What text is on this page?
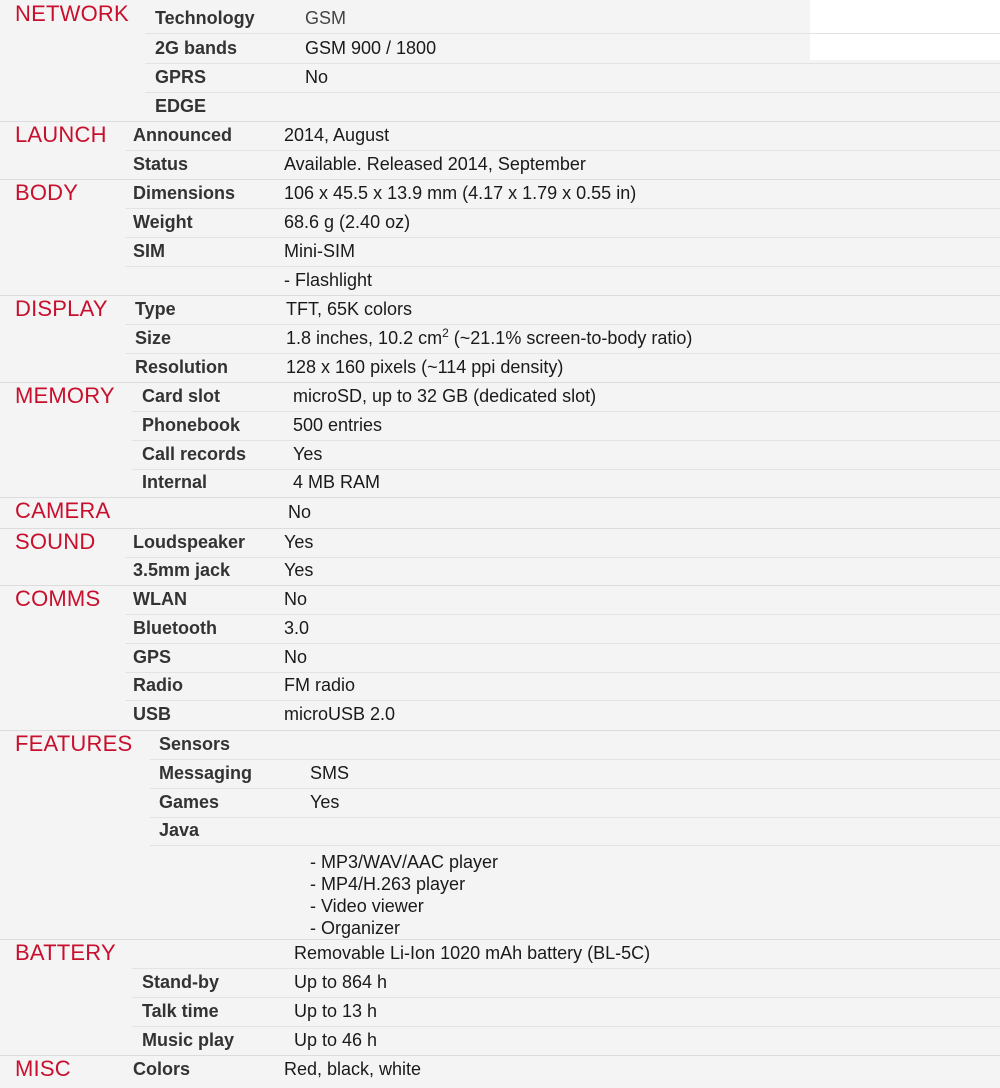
NETWORK Technology	GSM
2G bands	GSM 900 / 1800
GPRS	No
EDGE
LAUNCH Announced	2014, August
Status	Available. Released 2014, September
BODY	Dimensions	106 x 45.5 x 13.9 mm (4.17 x 1.79 x 0.55 in)
Weight	68.6 g (2.40 oz)
SIM	Mini-SIM
- Flashlight
DISPLAY Type	TFT, 65K colors
Size	1.8 inches, 10.2 $cm^2$ (~21.1% screen-to-body ratio)
Resolution	128 x 160 pixels (~114 ppi density)
MEMORY Card slot	microSD, up to 32 GB (dedicated slot)
Phonebook	500 entries
Call records	Yes
Internal	4 MB RAM
CAMERA	No
SOUND Loudspeaker Yes
3.5mm jack	Yes
COMMS WLAN	No
Bluetooth	3.0
GPS	No
Radio	FM radio
USB	microUSB 2.0
FEATURES Sensors
Messaging	SMS
Games	Yes
Java
- MP3/WAV/AAC player
- MP4/H.263 player
- Video viewer
- Organizer
BATTERY	Removable Li-Ion 1020 mAh battery (BL-5C)
Stand-by	Up to 864 h
Talk time	Up to 13 h
Music play	Up to 46 h
MISC	Colors	Red, black, white
